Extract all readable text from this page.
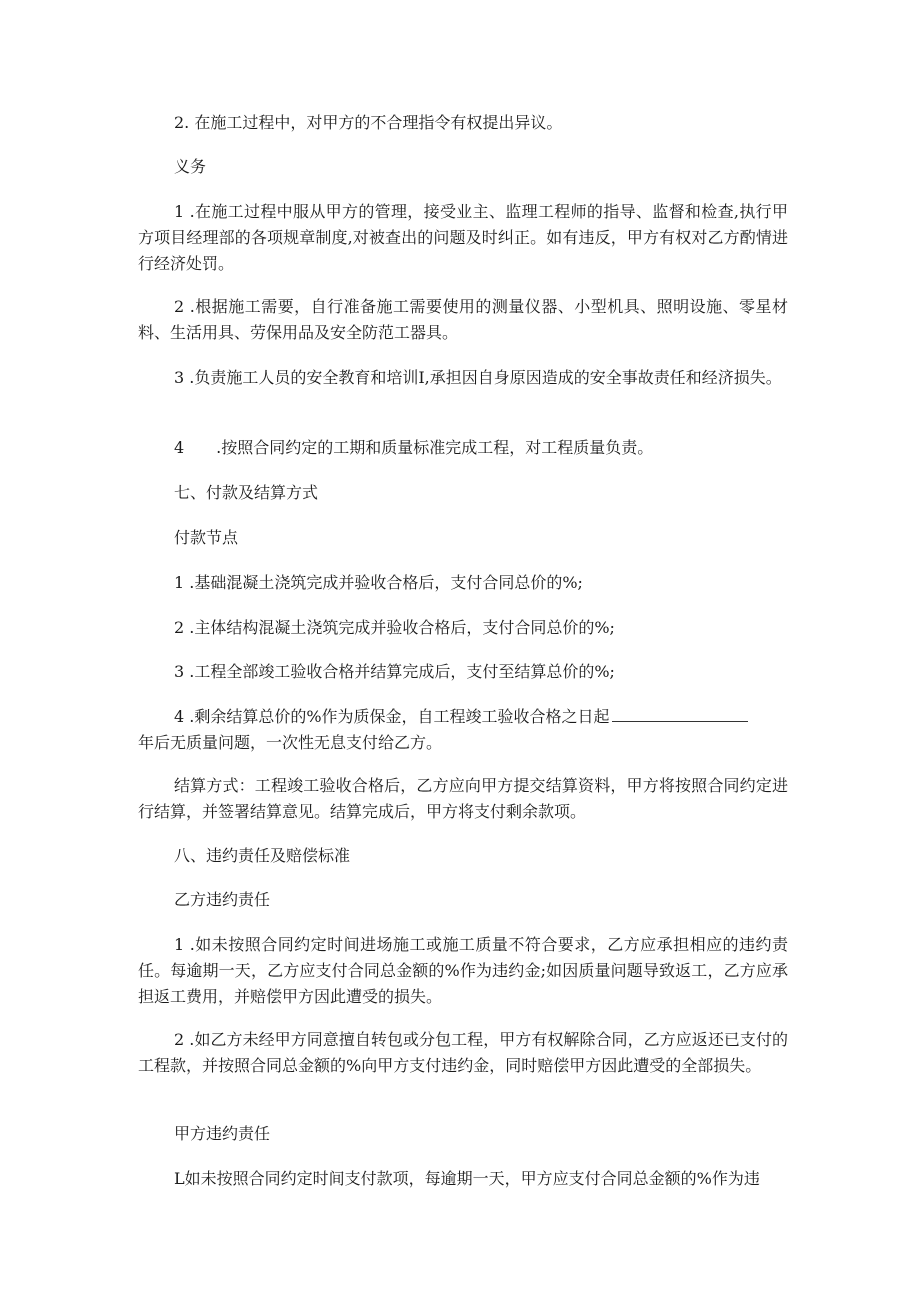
2. 在施工过程中，对甲方的不合理指令有权提出异议。

义务

1 .在施工过程中服从甲方的管理，接受业主、监理工程师的指导、监督和检查,执行甲方项目经理部的各项规章制度,对被查出的问题及时纠正。如有违反，甲方有权对乙方酌情进行经济处罚。

2 .根据施工需要，自行准备施工需要使用的测量仪器、小型机具、照明设施、零星材料、生活用具、劳保用品及安全防范工器具。

3 .负责施工人员的安全教育和培训I,承担因自身原因造成的安全事故责任和经济损失。

4　　.按照合同约定的工期和质量标准完成工程，对工程质量负责。

七、付款及结算方式

付款节点

1 .基础混凝土浇筑完成并验收合格后，支付合同总价的%;

2 .主体结构混凝土浇筑完成并验收合格后，支付合同总价的%;

3 .工程全部竣工验收合格并结算完成后，支付至结算总价的%;

4 .剩余结算总价的%作为质保金，自工程竣工验收合格之日起

年后无质量问题，一次性无息支付给乙方。

结算方式：工程竣工验收合格后，乙方应向甲方提交结算资料，甲方将按照合同约定进行结算，并签署结算意见。结算完成后，甲方将支付剩余款项。

八、违约责任及赔偿标准

乙方违约责任

1 .如未按照合同约定时间进场施工或施工质量不符合要求，乙方应承担相应的违约责任。每逾期一天，乙方应支付合同总金额的%作为违约金;如因质量问题导致返工，乙方应承担返工费用，并赔偿甲方因此遭受的损失。

2 .如乙方未经甲方同意擅自转包或分包工程，甲方有权解除合同，乙方应返还已支付的工程款，并按照合同总金额的%向甲方支付违约金，同时赔偿甲方因此遭受的全部损失。

甲方违约责任

L如未按照合同约定时间支付款项，每逾期一天，甲方应支付合同总金额的%作为违
